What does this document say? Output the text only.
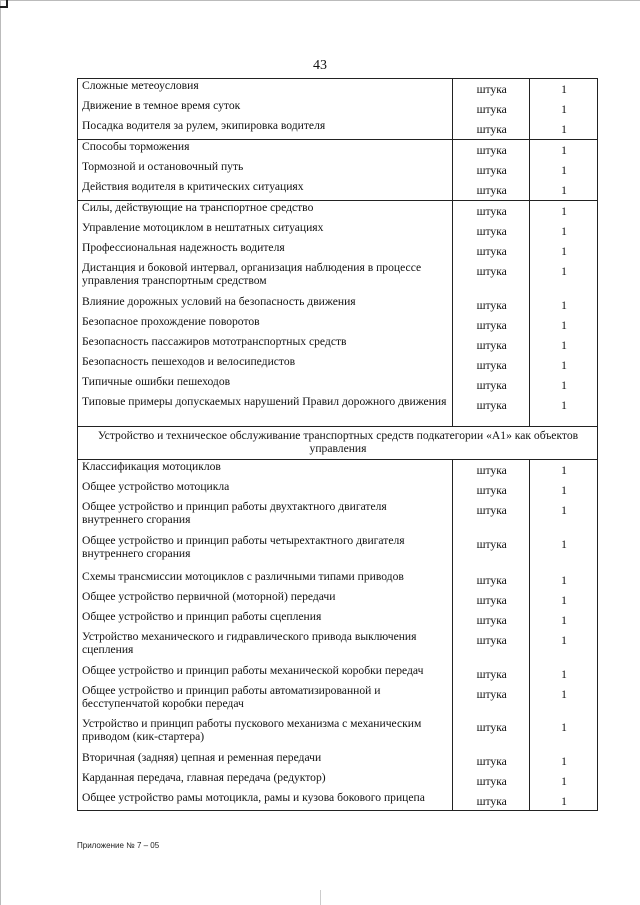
43
Сложные метеоусловия	штука	1
Движение в темное время суток	штука	1
Посадка водителя за рулем, экипировка водителя	штука	1
Способы торможения	штука	1
Тормозной и остановочный путь	штука	1
Действия водителя в критических ситуациях	штука	1
Силы, действующие на транспортное средство	штука	1
Управление мотоциклом в нештатных ситуациях	штука	1
Профессиональная надежность водителя	штука	1
Дистанция и боковой интервал, организация наблюдения в процессе управления транспортным средством	штука	1
Влияние дорожных условий на безопасность движения	штука	1
Безопасное прохождение поворотов	штука	1
Безопасность пассажиров мототранспортных средств	штука	1
Безопасность пешеходов и велосипедистов	штука	1
Типичные ошибки пешеходов	штука	1
Типовые примеры допускаемых нарушений Правил дорожного движения	штука	1
Устройство и техническое обслуживание транспортных средств подкатегории «A1» как объектов управления		
Классификация мотоциклов	штука	1
Общее устройство мотоцикла	штука	1
Общее устройство и принцип работы двухтактного двигателя внутреннего сгорания	штука	1
Общее устройство и принцип работы четырехтактного двигателя внутреннего сгорания	штука	1
Схемы трансмиссии мотоциклов с различными типами приводов	штука	1
Общее устройство первичной (моторной) передачи	штука	1
Общее устройство и принцип работы сцепления	штука	1
Устройство механического и гидравлического привода выключения сцепления	штука	1
Общее устройство и принцип работы механической коробки передач	штука	1
Общее устройство и принцип работы автоматизированной и бесступенчатой коробки передач	штука	1
Устройство и принцип работы пускового механизма с механическим приводом (кик-стартера)	штука	1
Вторичная (задняя) цепная и ременная передачи	штука	1
Карданная передача, главная передача (редуктор)	штука	1
Общее устройство рамы мотоцикла, рамы и кузова бокового прицепа	штука	1
Приложение № 7 – 05
